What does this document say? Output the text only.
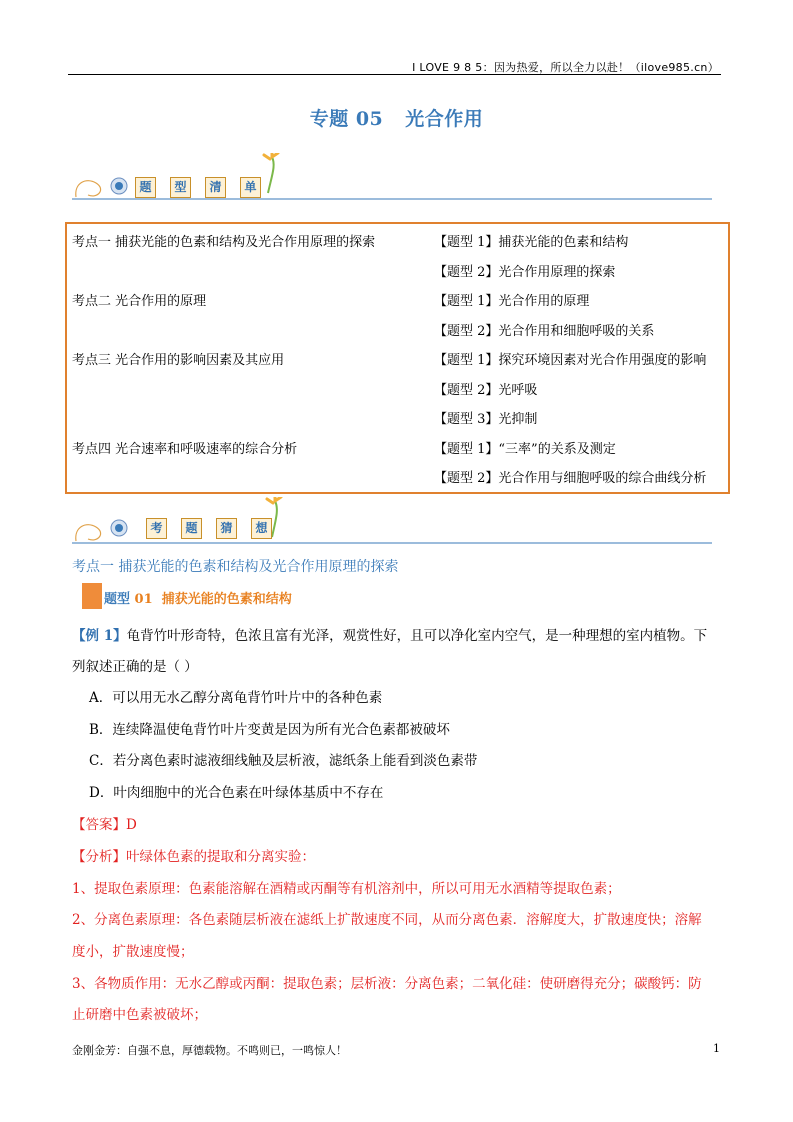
I LOVE 9 8 5：因为热爱，所以全力以赴！（ilove985.cn）
专题 05 光合作用
题	型	清	单
考点一 捕获光能的色素和结构及光合作用原理的探索	【题型 1】捕获光能的色素和结构
【题型 2】光合作用原理的探索
考点二 光合作用的原理	【题型 1】光合作用的原理
【题型 2】光合作用和细胞呼吸的关系
考点三 光合作用的影响因素及其应用	【题型 1】探究环境因素对光合作用强度的影响
【题型 2】光呼吸
【题型 3】光抑制
考点四 光合速率和呼吸速率的综合分析	【题型 1】“三率”的关系及测定
【题型 2】光合作用与细胞呼吸的综合曲线分析
考	题	猜	想
考点一 捕获光能的色素和结构及光合作用原理的探索
题型 01 捕获光能的色素和结构
【例 1】龟背竹叶形奇特，色浓且富有光泽，观赏性好，且可以净化室内空气，是一种理想的室内植物。下
列叙述正确的是（ ）
A．可以用无水乙醇分离龟背竹叶片中的各种色素
B．连续降温使龟背竹叶片变黄是因为所有光合色素都被破坏
C．若分离色素时滤液细线触及层析液，滤纸条上能看到淡色素带
D．叶肉细胞中的光合色素在叶绿体基质中不存在
【答案】D
【分析】叶绿体色素的提取和分离实验：
1、提取色素原理：色素能溶解在酒精或丙酮等有机溶剂中，所以可用无水酒精等提取色素；
2、分离色素原理：各色素随层析液在滤纸上扩散速度不同，从而分离色素．溶解度大，扩散速度快；溶解
度小，扩散速度慢；
3、各物质作用：无水乙醇或丙酮：提取色素；层析液：分离色素；二氧化硅：使研磨得充分；碳酸钙：防
止研磨中色素被破坏；
金刚金芳：自强不息，厚德载物。不鸣则已，一鸣惊人！	1
